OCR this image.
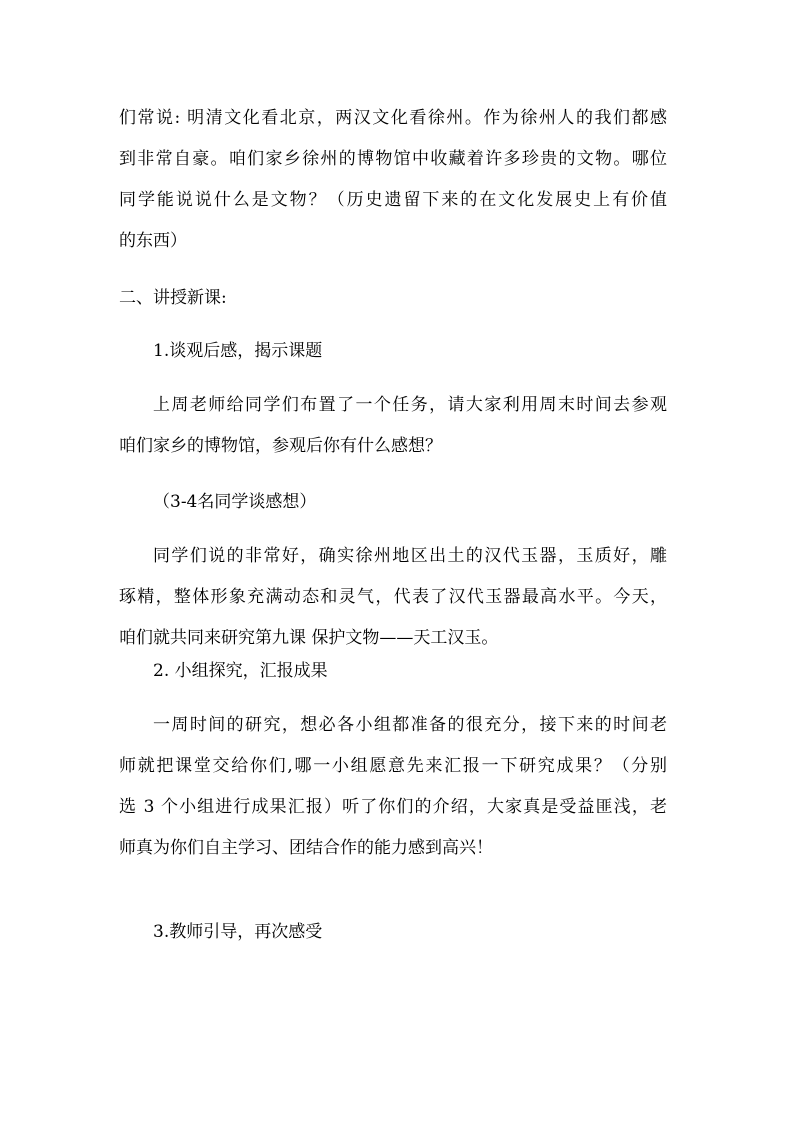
们常说: 明清文化看北京，两汉文化看徐州。作为徐州人的我们都感
到非常自豪。咱们家乡徐州的博物馆中收藏着许多珍贵的文物。哪位
同学能说说什么是文物？（历史遗留下来的在文化发展史上有价值
的东西）
二、讲授新课:
1.谈观后感，揭示课题
上周老师给同学们布置了一个任务，请大家利用周末时间去参观
咱们家乡的博物馆，参观后你有什么感想？
（3-4名同学谈感想）
同学们说的非常好，确实徐州地区出土的汉代玉器，玉质好，雕
琢精，整体形象充满动态和灵气，代表了汉代玉器最高水平。今天，
咱们就共同来研究第九课 保护文物——天工汉玉。
2. 小组探究，汇报成果
一周时间的研究，想必各小组都准备的很充分，接下来的时间老
师就把课堂交给你们,哪一小组愿意先来汇报一下研究成果？（分别
选 3 个小组进行成果汇报）听了你们的介绍，大家真是受益匪浅，老
师真为你们自主学习、团结合作的能力感到高兴！
3.教师引导，再次感受
